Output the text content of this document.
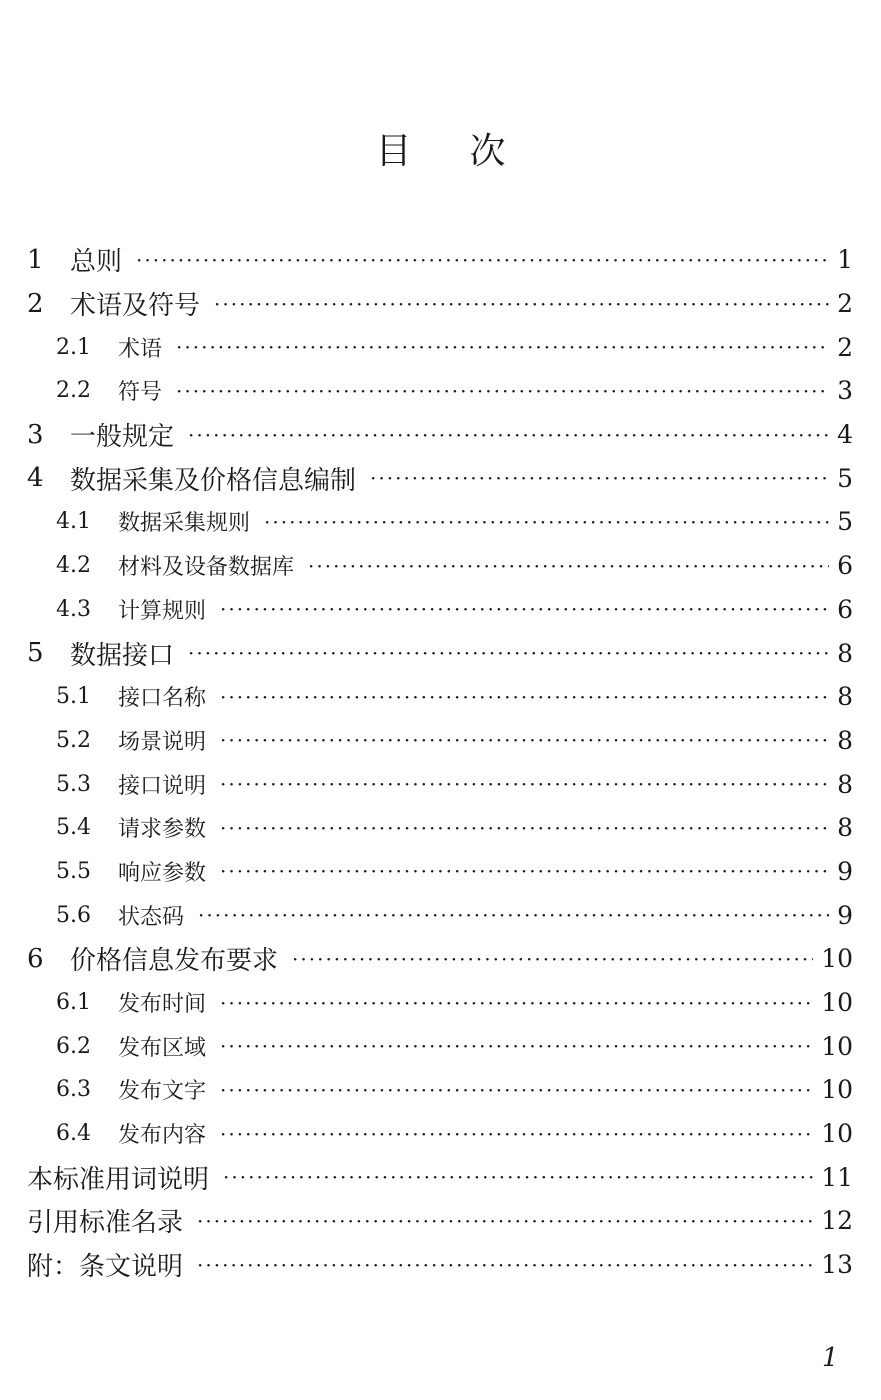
目 次
1	总则 ·····	1
2	术语及符号 ·····	2
2.1	术语 ·····	2
2.2	符号 ·····	3
3	一般规定 ·····	4
4	数据采集及价格信息编制 ·····	5
4.1	数据采集规则 ·····	5
4.2	材料及设备数据库 ·····	6
4.3	计算规则 ·····	6
5	数据接口 ·····	8
5.1	接口名称 ·····	8
5.2	场景说明 ·····	8
5.3	接口说明 ·····	8
5.4	请求参数 ·····	8
5.5	响应参数 ·····	9
5.6	状态码 ·····	9
6	价格信息发布要求 ·····	10
6.1	发布时间 ·····	10
6.2	发布区域 ·····	10
6.3	发布文字 ·····	10
6.4	发布内容 ·····	10
本标准用词说明 ·····	11
引用标准名录 ·····	12
附：条文说明 ·····	13
1
